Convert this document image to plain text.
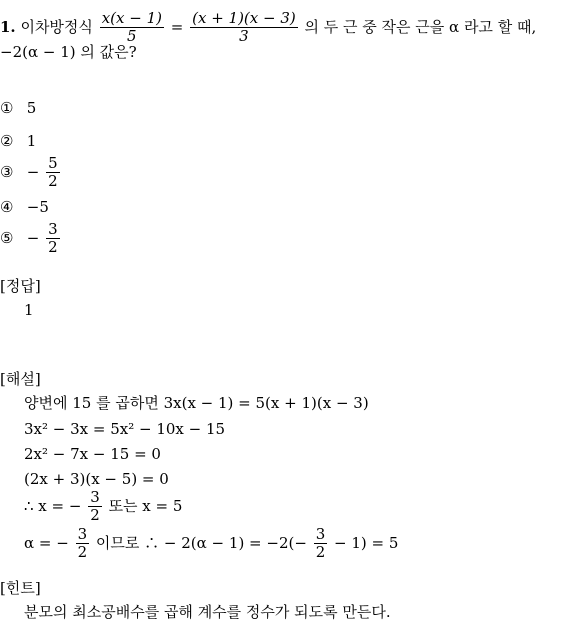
1. 이차방정식 $\frac{x(x - 1)}{5} = \frac{(x + 1)(x - 3)}{3}$ 의 두 근 중 작은 근을 α 라고 할 때,
−2(α − 1) 의 값은?
① 5
② 1
③ − $\frac{5}{2}$
④ −5
⑤ − $\frac{3}{2}$
[정답]
1
[해설]
양변에 15 를 곱하면 3x(x − 1) = 5(x + 1)(x − 3)
3x² − 3x = 5x² − 10x − 15
2x² − 7x − 15 = 0
(2x + 3)(x − 5) = 0
∴ x = − $\frac{3}{2}$ 또는 x = 5
α = − $\frac{3}{2}$ 이므로 ∴ − $2(\alpha - 1) = -2(- \frac{3}{2} - 1) = 5$
[힌트]
분모의 최소공배수를 곱해 계수를 정수가 되도록 만든다.
